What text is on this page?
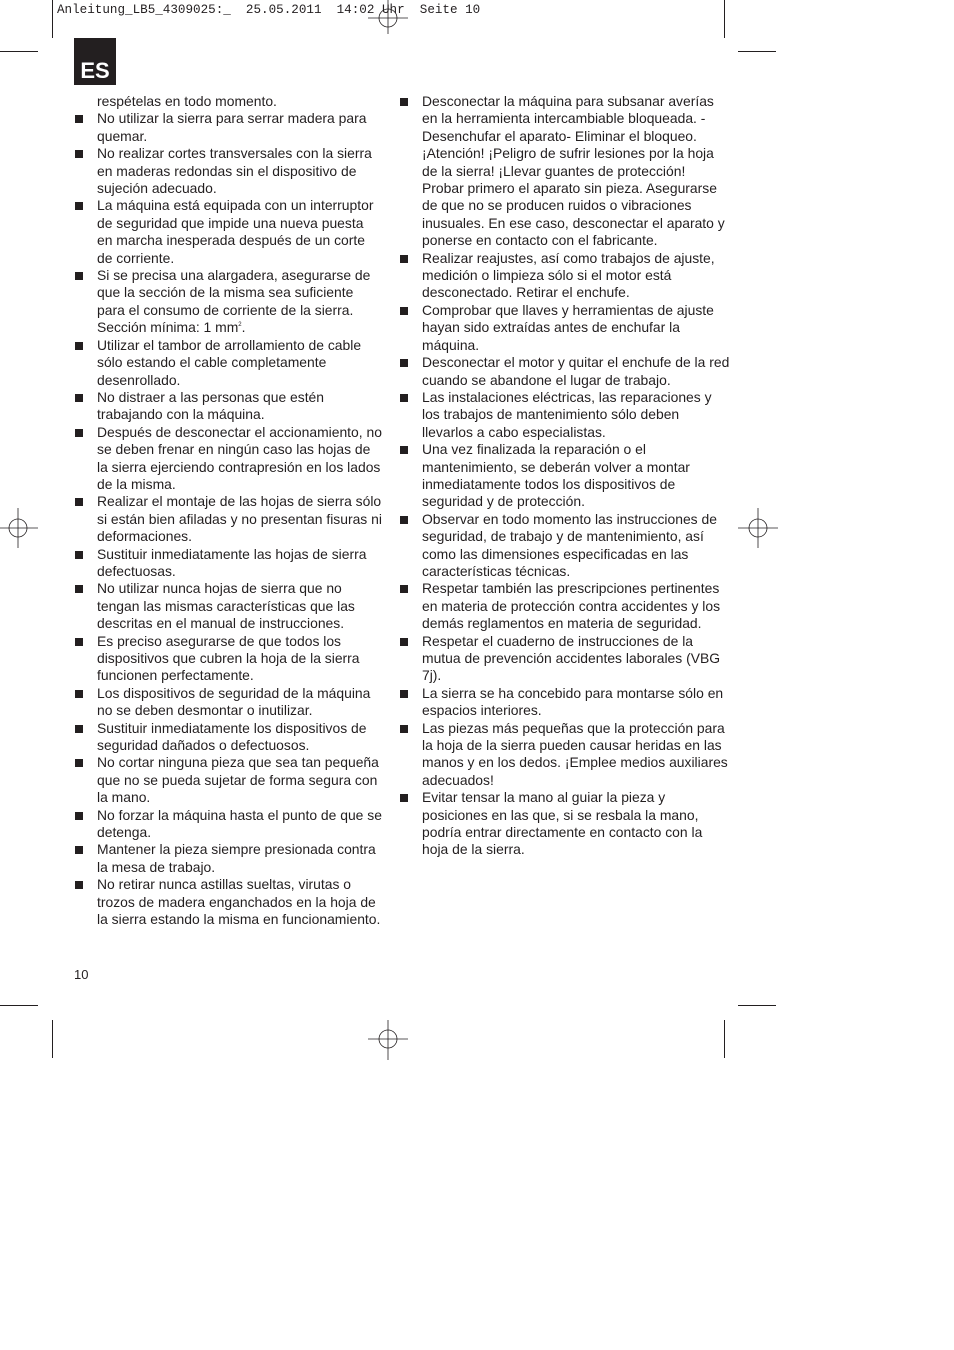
Anleitung_LB5_4309025:_  25.05.2011  14:02 Uhr  Seite 10
ES
respételas en todo momento.
No utilizar la sierra para serrar madera para quemar.
No realizar cortes transversales con la sierra en maderas redondas sin el dispositivo de sujeción adecuado.
La máquina está equipada con un interruptor de seguridad que impide una nueva puesta en marcha inesperada después de un corte de corriente.
Si se precisa una alargadera, asegurarse de que la sección de la misma sea suficiente para el consumo de corriente de la sierra. Sección mínima: 1 $mm^2$.
Utilizar el tambor de arrollamiento de cable sólo estando el cable completamente desenrollado.
No distraer a las personas que estén trabajando con la máquina.
Después de desconectar el accionamiento, no se deben frenar en ningún caso las hojas de la sierra ejerciendo contrapresión en los lados de la misma.
Realizar el montaje de las hojas de sierra sólo si están bien afiladas y no presentan fisuras ni deformaciones.
Sustituir inmediatamente las hojas de sierra defectuosas.
No utilizar nunca hojas de sierra que no tengan las mismas características que las descritas en el manual de instrucciones.
Es preciso asegurarse de que todos los dispositivos que cubren la hoja de la sierra funcionen perfectamente.
Los dispositivos de seguridad de la máquina no se deben desmontar o inutilizar.
Sustituir inmediatamente los dispositivos de seguridad dañados o defectuosos.
No cortar ninguna pieza que sea tan pequeña que no se pueda sujetar de forma segura con la mano.
No forzar la máquina hasta el punto de que se detenga.
Mantener la pieza siempre presionada contra la mesa de trabajo.
No retirar nunca astillas sueltas, virutas o trozos de madera enganchados en la hoja de la sierra estando la misma en funcionamiento.
Desconectar la máquina para subsanar averías en la herramienta intercambiable bloqueada. -Desenchufar el aparato- Eliminar el bloqueo. ¡Atención! ¡Peligro de sufrir lesiones por la hoja de la sierra! ¡Llevar guantes de protección! Probar primero el aparato sin pieza. Asegurarse de que no se producen ruidos o vibraciones inusuales. En ese caso, desconectar el aparato y ponerse en contacto con el fabricante.
Realizar reajustes, así como trabajos de ajuste, medición o limpieza sólo si el motor está desconectado. Retirar el enchufe.
Comprobar que llaves y herramientas de ajuste hayan sido extraídas antes de enchufar la máquina.
Desconectar el motor y quitar el enchufe de la red cuando se abandone el lugar de trabajo.
Las instalaciones eléctricas, las reparaciones y los trabajos de mantenimiento sólo deben llevarlos a cabo especialistas.
Una vez finalizada la reparación o el mantenimiento, se deberán volver a montar inmediatamente todos los dispositivos de seguridad y de protección.
Observar en todo momento las instrucciones de seguridad, de trabajo y de mantenimiento, así como las dimensiones especificadas en las características técnicas.
Respetar también las prescripciones pertinentes en materia de protección contra accidentes y los demás reglamentos en materia de seguridad.
Respetar el cuaderno de instrucciones de la mutua de prevención accidentes laborales (VBG 7j).
La sierra se ha concebido para montarse sólo en espacios interiores.
Las piezas más pequeñas que la protección para la hoja de la sierra pueden causar heridas en las manos y en los dedos. ¡Emplee medios auxiliares adecuados!
Evitar tensar la mano al guiar la pieza y posiciones en las que, si se resbala la mano, podría entrar directamente en contacto con la hoja de la sierra.
10
